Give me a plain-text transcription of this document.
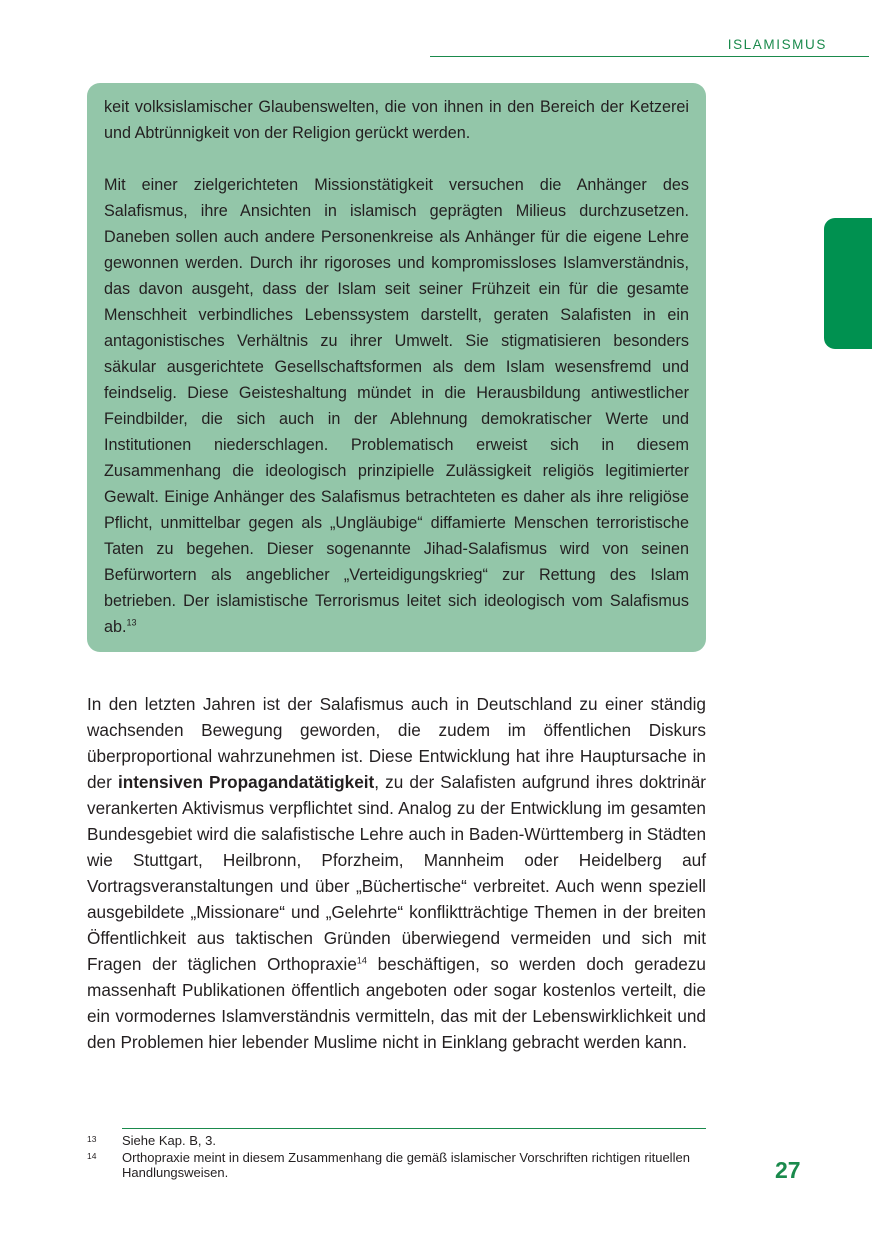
ISLAMISMUS

keit volksislamischer Glaubenswelten, die von ihnen in den Bereich der Ketzerei und Abtrünnigkeit von der Religion gerückt werden.

Mit einer zielgerichteten Missionstätigkeit versuchen die Anhänger des Salafismus, ihre Ansichten in islamisch geprägten Milieus durchzusetzen. Daneben sollen auch andere Personenkreise als Anhänger für die eigene Lehre gewonnen werden. Durch ihr rigoroses und kompromissloses Islamverständnis, das davon ausgeht, dass der Islam seit seiner Frühzeit ein für die gesamte Menschheit verbindliches Lebenssystem darstellt, geraten Salafisten in ein antagonistisches Verhältnis zu ihrer Umwelt. Sie stigmatisieren besonders säkular ausgerichtete Gesellschaftsformen als dem Islam wesensfremd und feindselig. Diese Geisteshaltung mündet in die Herausbildung antiwestlicher Feindbilder, die sich auch in der Ablehnung demokratischer Werte und Institutionen niederschlagen. Problematisch erweist sich in diesem Zusammenhang die ideologisch prinzipielle Zulässigkeit religiös legitimierter Gewalt. Einige Anhänger des Salafismus betrachteten es daher als ihre religiöse Pflicht, unmittelbar gegen als „Ungläubige“ diffamierte Menschen terroristische Taten zu begehen. Dieser sogenannte Jihad-Salafismus wird von seinen Befürwortern als angeblicher „Verteidigungskrieg“ zur Rettung des Islam betrieben. Der islamistische Terrorismus leitet sich ideologisch vom Salafismus ab.$^{13}$

In den letzten Jahren ist der Salafismus auch in Deutschland zu einer ständig wachsenden Bewegung geworden, die zudem im öffentlichen Diskurs überproportional wahrzunehmen ist. Diese Entwicklung hat ihre Hauptursache in der intensiven Propagandatätigkeit, zu der Salafisten aufgrund ihres doktrinär verankerten Aktivismus verpflichtet sind. Analog zu der Entwicklung im gesamten Bundesgebiet wird die salafistische Lehre auch in Baden-Württemberg in Städten wie Stuttgart, Heilbronn, Pforzheim, Mannheim oder Heidelberg auf Vortragsveranstaltungen und über „Büchertische“ verbreitet. Auch wenn speziell ausgebildete „Missionare“ und „Gelehrte“ konfliktträchtige Themen in der breiten Öffentlichkeit aus taktischen Gründen überwiegend vermeiden und sich mit Fragen der täglichen Orthopraxie$^{14}$ beschäftigen, so werden doch geradezu massenhaft Publikationen öffentlich angeboten oder sogar kostenlos verteilt, die ein vormodernes Islamverständnis vermitteln, das mit der Lebenswirklichkeit und den Problemen hier lebender Muslime nicht in Einklang gebracht werden kann.

13 Siehe Kap. B, 3.
14 Orthopraxie meint in diesem Zusammenhang die gemäß islamischer Vorschriften richtigen rituellen Handlungsweisen.	27
